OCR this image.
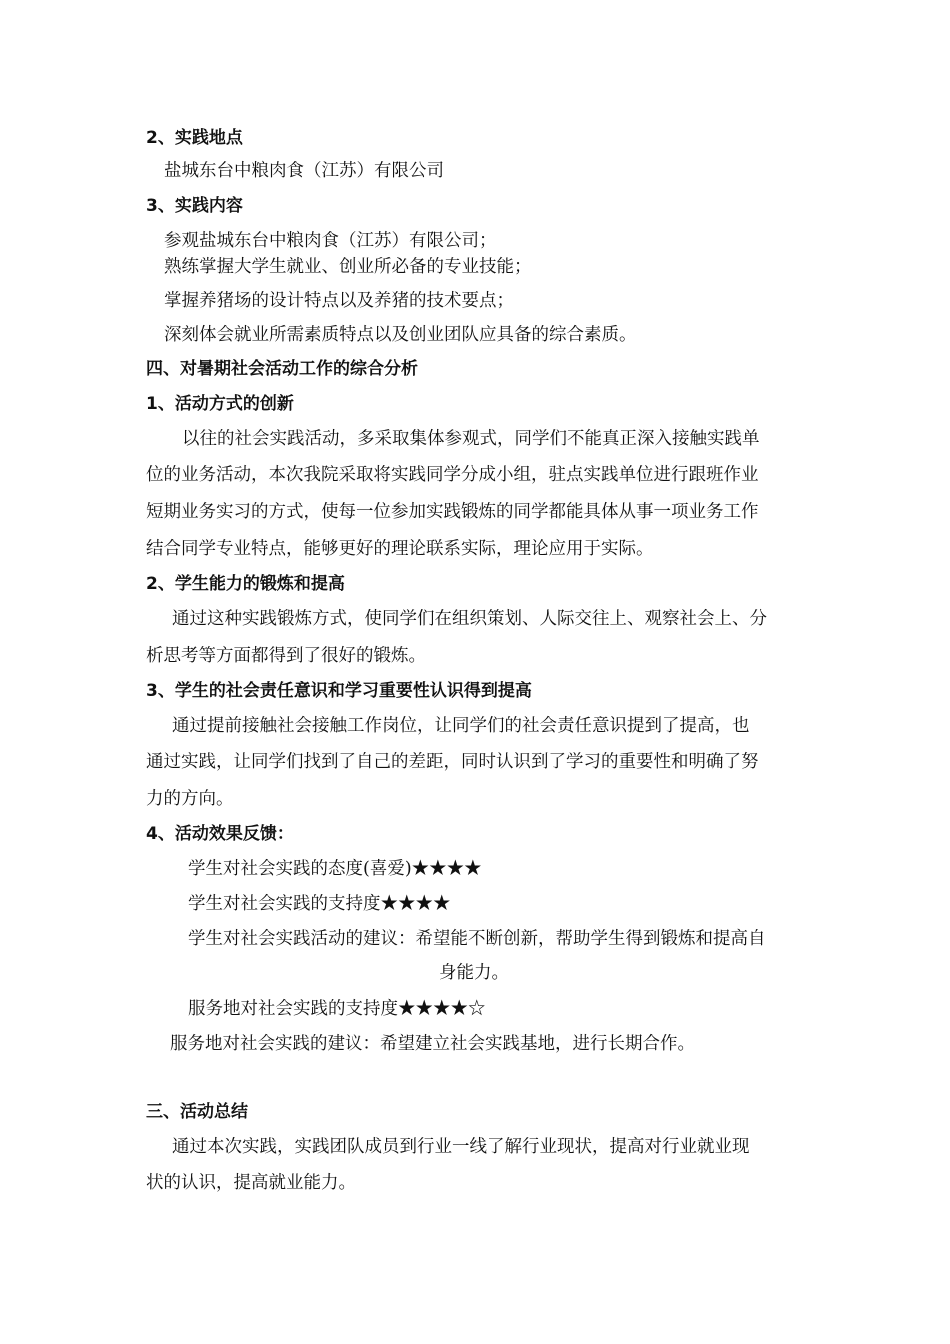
2、实践地点
盐城东台中粮肉食（江苏）有限公司
3、实践内容
参观盐城东台中粮肉食（江苏）有限公司；
熟练掌握大学生就业、创业所必备的专业技能；
掌握养猪场的设计特点以及养猪的技术要点；
深刻体会就业所需素质特点以及创业团队应具备的综合素质。
四、对暑期社会活动工作的综合分析
1、活动方式的创新
以往的社会实践活动，多采取集体参观式，同学们不能真正深入接触实践单
位的业务活动，本次我院采取将实践同学分成小组，驻点实践单位进行跟班作业
短期业务实习的方式，使每一位参加实践锻炼的同学都能具体从事一项业务工作
结合同学专业特点，能够更好的理论联系实际，理论应用于实际。
2、学生能力的锻炼和提高
通过这种实践锻炼方式，使同学们在组织策划、人际交往上、观察社会上、分
析思考等方面都得到了很好的锻炼。
3、学生的社会责任意识和学习重要性认识得到提高
通过提前接触社会接触工作岗位，让同学们的社会责任意识提到了提高，也
通过实践，让同学们找到了自己的差距，同时认识到了学习的重要性和明确了努
力的方向。
4、活动效果反馈：
学生对社会实践的态度(喜爱)★★★★
学生对社会实践的支持度★★★★
学生对社会实践活动的建议：希望能不断创新，帮助学生得到锻炼和提高自
身能力。
服务地对社会实践的支持度★★★★☆
服务地对社会实践的建议：希望建立社会实践基地，进行长期合作。
三、活动总结
通过本次实践，实践团队成员到行业一线了解行业现状，提高对行业就业现
状的认识，提高就业能力。
